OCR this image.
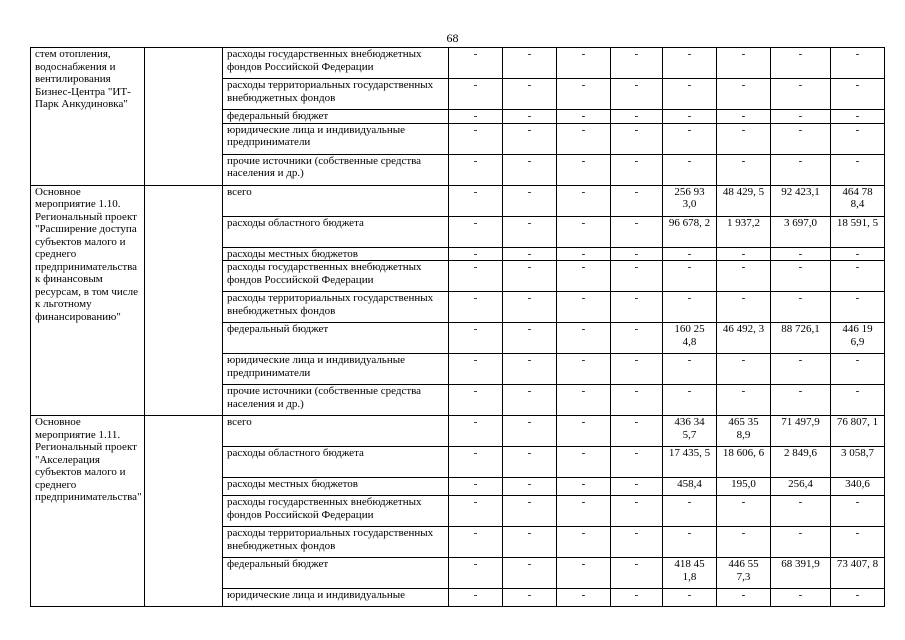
68
стем отопления, водоснабжения и вентилирования Бизнес-Центра "ИТ-Парк Анкудиновка"		расходы государственных внебюджетных фондов Российской Федерации	-	-	-	-	-	-	-	-
		расходы территориальных государственных внебюджетных фондов	-	-	-	-	-	-	-	-
		федеральный бюджет	-	-	-	-	-	-	-	-
		юридические лица и индивидуальные предприниматели	-	-	-	-	-	-	-	-
		прочие источники (собственные средства населения и др.)	-	-	-	-	-	-	-	-
Основное мероприятие 1.10. Региональный проект "Расширение доступа субъектов малого и среднего предпринимательства к финансовым ресурсам, в том числе к льготному финансированию"		всего	-	-	-	-	256 93 3,0	48 429, 5	92 423,1	464 78 8,4
		расходы областного бюджета	-	-	-	-	96 678, 2	1 937,2	3 697,0	18 591, 5
		расходы местных бюджетов	-	-	-	-	-	-	-	-
		расходы государственных внебюджетных фондов Российской Федерации	-	-	-	-	-	-	-	-
		расходы территориальных государственных внебюджетных фондов	-	-	-	-	-	-	-	-
		федеральный бюджет	-	-	-	-	160 25 4,8	46 492, 3	88 726,1	446 19 6,9
		юридические лица и индивидуальные предприниматели	-	-	-	-	-	-	-	-
		прочие источники (собственные средства населения и др.)	-	-	-	-	-	-	-	-
Основное мероприятие 1.11. Региональный проект "Акселерация субъектов малого и среднего предпринимательства"		всего	-	-	-	-	436 34 5,7	465 35 8,9	71 497,9	76 807, 1
		расходы областного бюджета	-	-	-	-	17 435, 5	18 606, 6	2 849,6	3 058,7
		расходы местных бюджетов	-	-	-	-	458,4	195,0	256,4	340,6
		расходы государственных внебюджетных фондов Российской Федерации	-	-	-	-	-	-	-	-
		расходы территориальных государственных внебюджетных фондов	-	-	-	-	-	-	-	-
		федеральный бюджет	-	-	-	-	418 45 1,8	446 55 7,3	68 391,9	73 407, 8
		юридические лица и индивидуальные	-	-	-	-	-	-	-	-
